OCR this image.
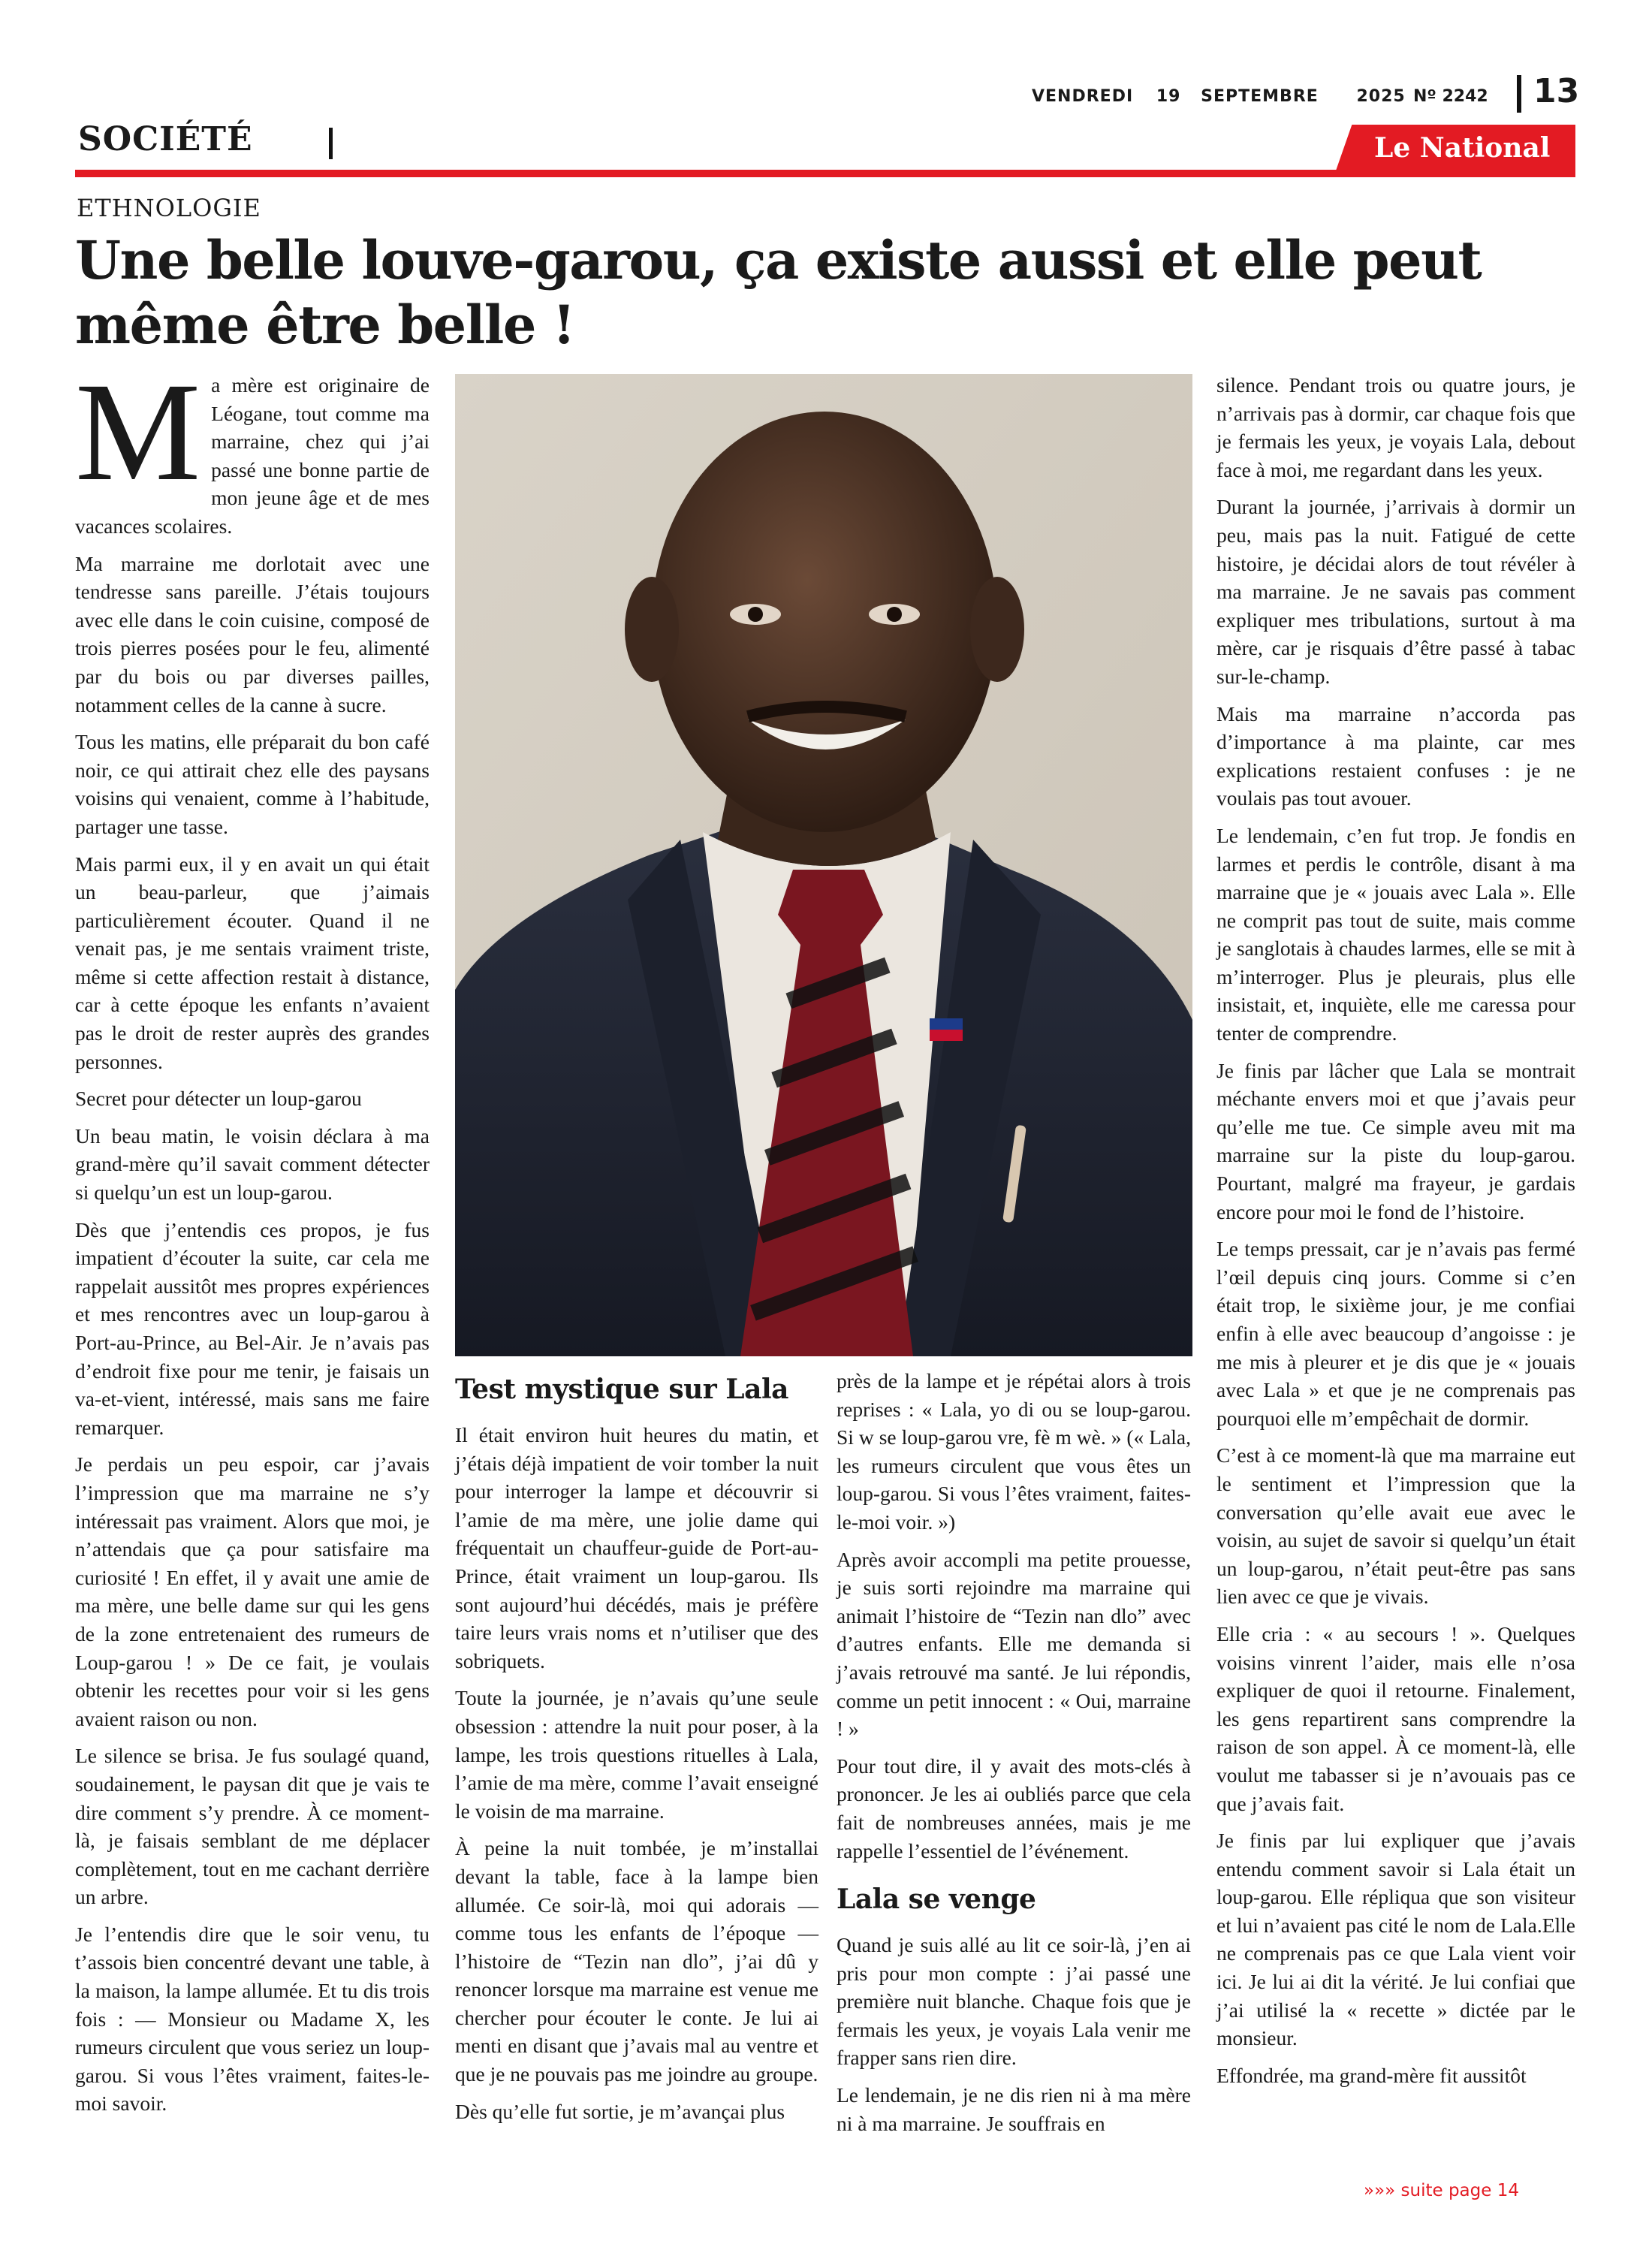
VENDREDI 19 SEPTEMBRE 2025 Nº 2242 13
SOCIÉTÉ	Le National
ETHNOLOGIE
Une belle louve-garou, ça existe aussi et elle peut même être belle !

Ma mère est originaire de Léogane, tout comme ma marraine, chez qui j’ai passé une bonne partie de mon jeune âge et de mes vacances scolaires.

Ma marraine me dorlotait avec une tendresse sans pareille. J’étais toujours avec elle dans le coin cuisine, composé de trois pierres posées pour le feu, alimenté par du bois ou par diverses pailles, notamment celles de la canne à sucre.

Tous les matins, elle préparait du bon café noir, ce qui attirait chez elle des paysans voisins qui venaient, comme à l’habitude, partager une tasse.

Mais parmi eux, il y en avait un qui était un beau-parleur, que j’aimais particulièrement écouter. Quand il ne venait pas, je me sentais vraiment triste, même si cette affection restait à distance, car à cette époque les enfants n’avaient pas le droit de rester auprès des grandes personnes.

Secret pour détecter un loup-garou

Un beau matin, le voisin déclara à ma grand-mère qu’il savait comment détecter si quelqu’un est un loup-garou.

Dès que j’entendis ces propos, je fus impatient d’écouter la suite, car cela me rappelait aussitôt mes propres expériences et mes rencontres avec un loup-garou à Port-au-Prince, au Bel-Air. Je n’avais pas d’endroit fixe pour me tenir, je faisais un va-et-vient, intéressé, mais sans me faire remarquer.

Je perdais un peu espoir, car j’avais l’impression que ma marraine ne s’y intéressait pas vraiment. Alors que moi, je n’attendais que ça pour satisfaire ma curiosité ! En effet, il y avait une amie de ma mère, une belle dame sur qui les gens de la zone entretenaient des rumeurs de Loup-garou ! » De ce fait, je voulais obtenir les recettes pour voir si les gens avaient raison ou non.

Le silence se brisa. Je fus soulagé quand, soudainement, le paysan dit que je vais te dire comment s’y prendre. À ce moment-là, je faisais semblant de me déplacer complètement, tout en me cachant derrière un arbre.

Je l’entendis dire que le soir venu, tu t’assois bien concentré devant une table, à la maison, la lampe allumée. Et tu dis trois fois : — Monsieur ou Madame X, les rumeurs circulent que vous seriez un loup-garou. Si vous l’êtes vraiment, faites-le-moi savoir.

Test mystique sur Lala

Il était environ huit heures du matin, et j’étais déjà impatient de voir tomber la nuit pour interroger la lampe et découvrir si l’amie de ma mère, une jolie dame qui fréquentait un chauffeur-guide de Port-au-Prince, était vraiment un loup-garou. Ils sont aujourd’hui décédés, mais je préfère taire leurs vrais noms et n’utiliser que des sobriquets.

Toute la journée, je n’avais qu’une seule obsession : attendre la nuit pour poser, à la lampe, les trois questions rituelles à Lala, l’amie de ma mère, comme l’avait enseigné le voisin de ma marraine.

À peine la nuit tombée, je m’installai devant la table, face à la lampe bien allumée. Ce soir-là, moi qui adorais — comme tous les enfants de l’époque — l’histoire de “Tezin nan dlo”, j’ai dû y renoncer lorsque ma marraine est venue me chercher pour écouter le conte. Je lui ai menti en disant que j’avais mal au ventre et que je ne pouvais pas me joindre au groupe.

Dès qu’elle fut sortie, je m’avançai plus

près de la lampe et je répétai alors à trois reprises : « Lala, yo di ou se loup-garou. Si w se loup-garou vre, fè m wè. » (« Lala, les rumeurs circulent que vous êtes un loup-garou. Si vous l’êtes vraiment, faites-le-moi voir. »)

Après avoir accompli ma petite prouesse, je suis sorti rejoindre ma marraine qui animait l’histoire de “Tezin nan dlo” avec d’autres enfants. Elle me demanda si j’avais retrouvé ma santé. Je lui répondis, comme un petit innocent : « Oui, marraine ! »

Pour tout dire, il y avait des mots-clés à prononcer. Je les ai oubliés parce que cela fait de nombreuses années, mais je me rappelle l’essentiel de l’événement.

Lala se venge

Quand je suis allé au lit ce soir-là, j’en ai pris pour mon compte : j’ai passé une première nuit blanche. Chaque fois que je fermais les yeux, je voyais Lala venir me frapper sans rien dire.

Le lendemain, je ne dis rien ni à ma mère ni à ma marraine. Je souffrais en

silence. Pendant trois ou quatre jours, je n’arrivais pas à dormir, car chaque fois que je fermais les yeux, je voyais Lala, debout face à moi, me regardant dans les yeux.

Durant la journée, j’arrivais à dormir un peu, mais pas la nuit. Fatigué de cette histoire, je décidai alors de tout révéler à ma marraine. Je ne savais pas comment expliquer mes tribulations, surtout à ma mère, car je risquais d’être passé à tabac sur-le-champ.

Mais ma marraine n’accorda pas d’importance à ma plainte, car mes explications restaient confuses : je ne voulais pas tout avouer.

Le lendemain, c’en fut trop. Je fondis en larmes et perdis le contrôle, disant à ma marraine que je « jouais avec Lala ». Elle ne comprit pas tout de suite, mais comme je sanglotais à chaudes larmes, elle se mit à m’interroger. Plus je pleurais, plus elle insistait, et, inquiète, elle me caressa pour tenter de comprendre.

Je finis par lâcher que Lala se montrait méchante envers moi et que j’avais peur qu’elle me tue. Ce simple aveu mit ma marraine sur la piste du loup-garou. Pourtant, malgré ma frayeur, je gardais encore pour moi le fond de l’histoire.

Le temps pressait, car je n’avais pas fermé l’œil depuis cinq jours. Comme si c’en était trop, le sixième jour, je me confiai enfin à elle avec beaucoup d’angoisse : je me mis à pleurer et je dis que je « jouais avec Lala » et que je ne comprenais pas pourquoi elle m’empêchait de dormir.

C’est à ce moment-là que ma marraine eut le sentiment et l’impression que la conversation qu’elle avait eue avec le voisin, au sujet de savoir si quelqu’un était un loup-garou, n’était peut-être pas sans lien avec ce que je vivais.

Elle cria : « au secours ! ». Quelques voisins vinrent l’aider, mais elle n’osa expliquer de quoi il retourne. Finalement, les gens repartirent sans comprendre la raison de son appel. À ce moment-là, elle voulut me tabasser si je n’avouais pas ce que j’avais fait.

Je finis par lui expliquer que j’avais entendu comment savoir si Lala était un loup-garou. Elle répliqua que son visiteur et lui n’avaient pas cité le nom de Lala.Elle ne comprenais pas ce que Lala vient voir ici. Je lui ai dit la vérité. Je lui confiai que j’ai utilisé la « recette » dictée par le monsieur.

Effondrée, ma grand-mère fit aussitôt

»»» suite page 14
